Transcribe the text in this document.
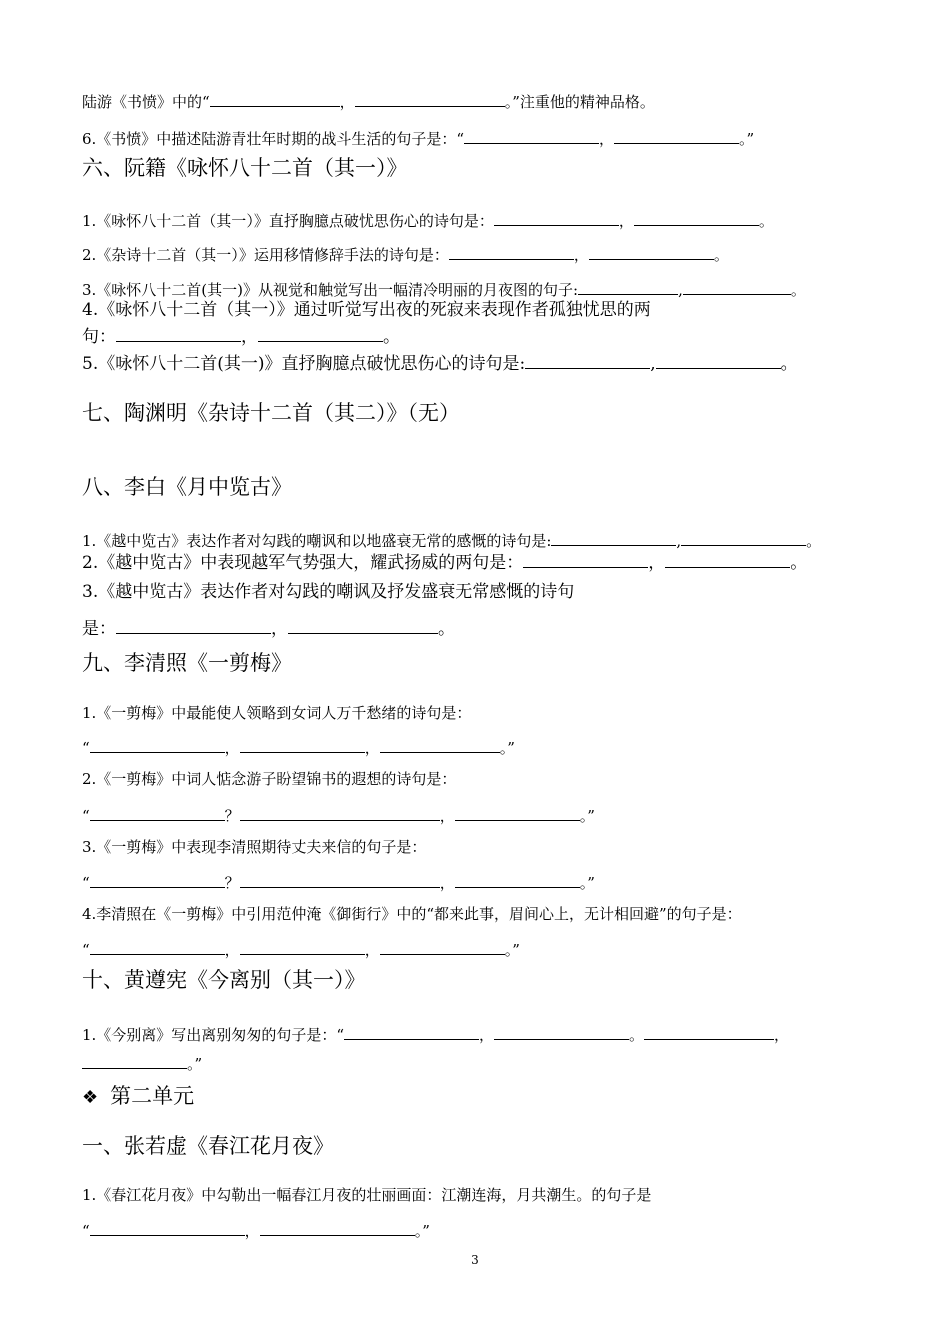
陆游《书愤》中的“	，	。”注重他的精神品格。
6.《书愤》中描述陆游青壮年时期的战斗生活的句子是：“	，	。”
六、阮籍《咏怀八十二首（其一）》
1.《咏怀八十二首（其一）》直抒胸臆点破忧思伤心的诗句是：	，	。
2.《杂诗十二首（其一）》运用移情修辞手法的诗句是：	，	。
3.《咏怀八十二首(其一)》从视觉和触觉写出一幅清冷明丽的月夜图的句子:	,	。
4.《咏怀八十二首（其一）》通过听觉写出夜的死寂来表现作者孤独忧思的两
句：	，	。
5.《咏怀八十二首(其一)》直抒胸臆点破忧思伤心的诗句是:	,	。
七、陶渊明《杂诗十二首（其二）》（无）
八、李白《月中览古》
1.《越中览古》表达作者对勾践的嘲讽和以地盛衰无常的感慨的诗句是:	,	。
2.《越中览古》中表现越军气势强大，耀武扬威的两句是：	，	。
3.《越中览古》表达作者对勾践的嘲讽及抒发盛衰无常感慨的诗句
是：	，	。
九、李清照《一剪梅》
1.《一剪梅》中最能使人领略到女词人万千愁绪的诗句是：
“	，	，	。”
2.《一剪梅》中词人惦念游子盼望锦书的遐想的诗句是：
“	？	，	。”
3.《一剪梅》中表现李清照期待丈夫来信的句子是：
“	？	，	。”
4.李清照在《一剪梅》中引用范仲淹《御街行》中的“都来此事，眉间心上，无计相回避”的句子是：
“	，	，	。”
十、黄遵宪《今离别（其一）》
1.《今别离》写出离别匆匆的句子是：“	，	。	，
。”
❖ 第二单元
一、张若虚《春江花月夜》
1.《春江花月夜》中勾勒出一幅春江月夜的壮丽画面：江潮连海，月共潮生。的句子是
“	，	。”
3
